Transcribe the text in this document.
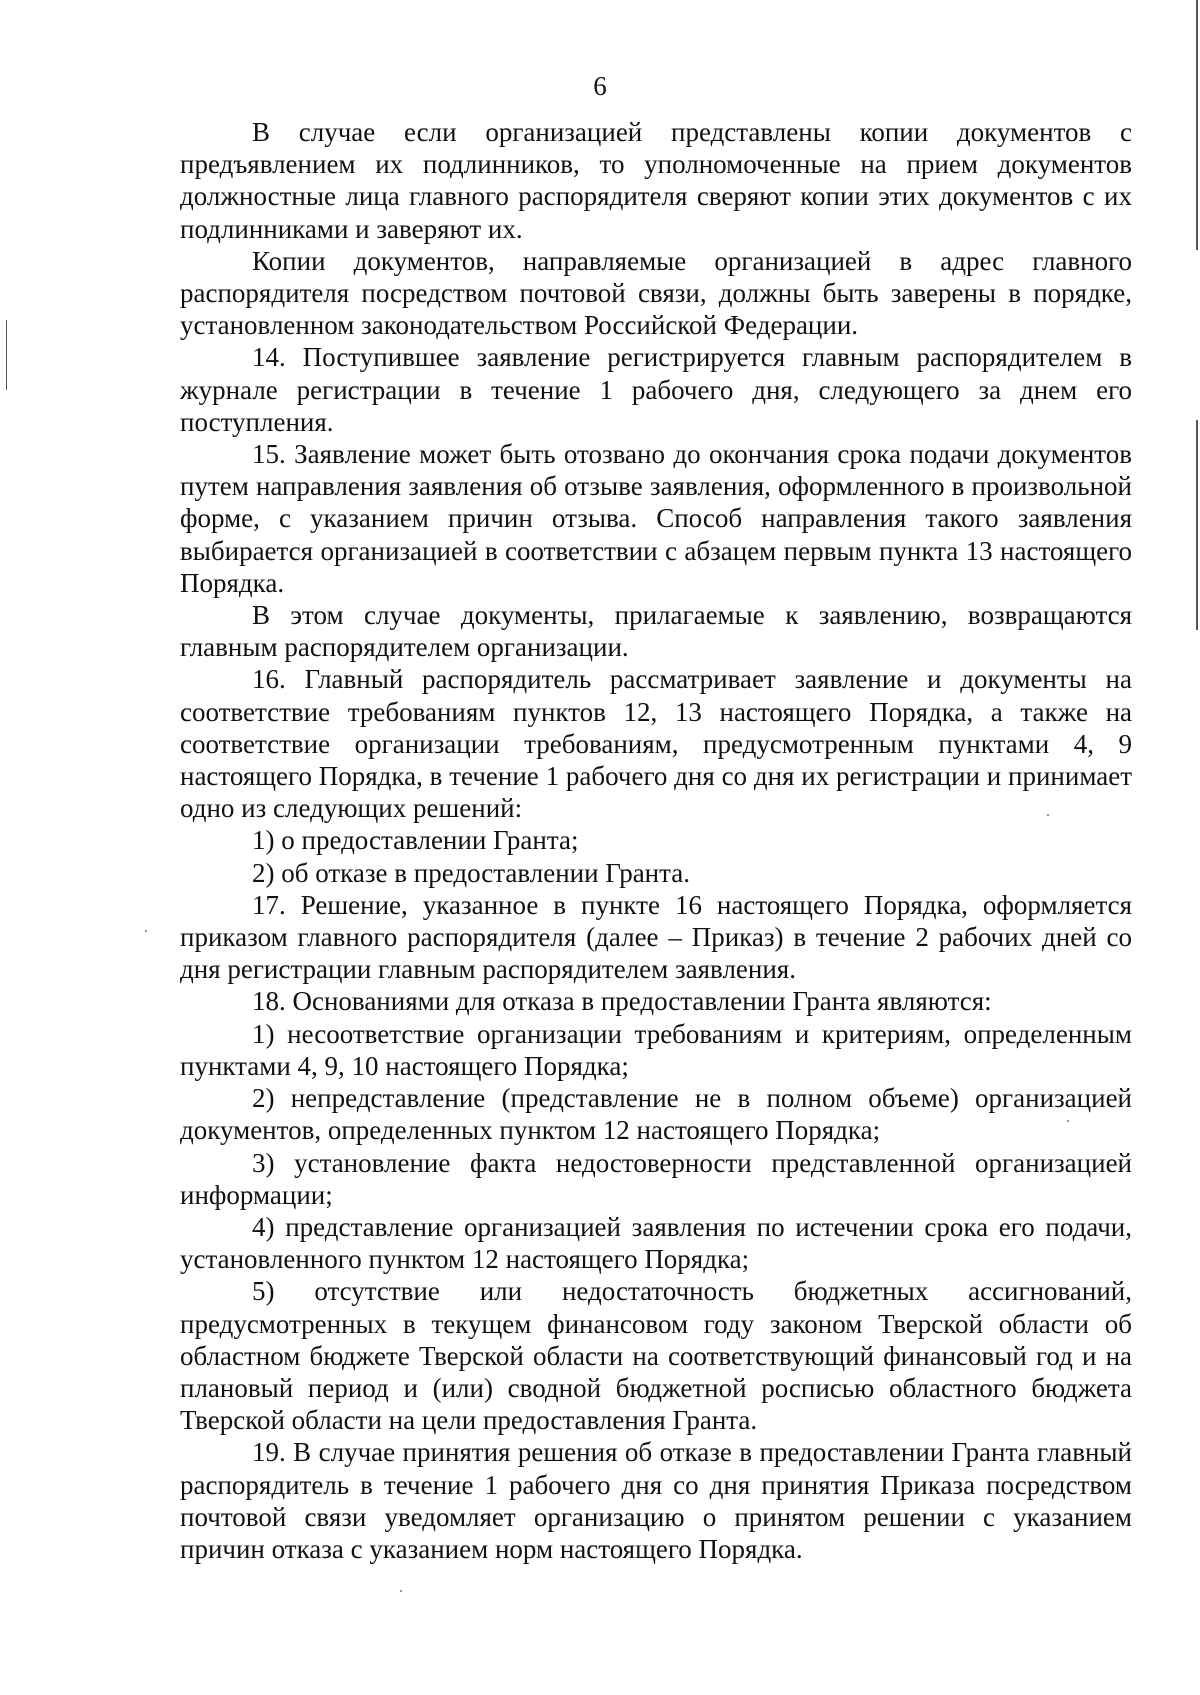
6

В случае если организацией представлены копии документов с предъявлением их подлинников, то уполномоченные на прием документов должностные лица главного распорядителя сверяют копии этих документов с их подлинниками и заверяют их.

Копии документов, направляемые организацией в адрес главного распорядителя посредством почтовой связи, должны быть заверены в порядке, установленном законодательством Российской Федерации.

14. Поступившее заявление регистрируется главным распорядителем в журнале регистрации в течение 1 рабочего дня, следующего за днем его поступления.

15. Заявление может быть отозвано до окончания срока подачи документов путем направления заявления об отзыве заявления, оформленного в произвольной форме, с указанием причин отзыва. Способ направления такого заявления выбирается организацией в соответствии с абзацем первым пункта 13 настоящего Порядка.

В этом случае документы, прилагаемые к заявлению, возвращаются главным распорядителем организации.

16. Главный распорядитель рассматривает заявление и документы на соответствие требованиям пунктов 12, 13 настоящего Порядка, а также на соответствие организации требованиям, предусмотренным пунктами 4, 9 настоящего Порядка, в течение 1 рабочего дня со дня их регистрации и принимает одно из следующих решений:

1) о предоставлении Гранта;

2) об отказе в предоставлении Гранта.

17. Решение, указанное в пункте 16 настоящего Порядка, оформляется приказом главного распорядителя (далее – Приказ) в течение 2 рабочих дней со дня регистрации главным распорядителем заявления.

18. Основаниями для отказа в предоставлении Гранта являются:

1) несоответствие организации требованиям и критериям, определенным пунктами 4, 9, 10 настоящего Порядка;

2) непредставление (представление не в полном объеме) организацией документов, определенных пунктом 12 настоящего Порядка;

3) установление факта недостоверности представленной организацией информации;

4) представление организацией заявления по истечении срока его подачи, установленного пунктом 12 настоящего Порядка;

5) отсутствие или недостаточность бюджетных ассигнований, предусмотренных в текущем финансовом году законом Тверской области об областном бюджете Тверской области на соответствующий финансовый год и на плановый период и (или) сводной бюджетной росписью областного бюджета Тверской области на цели предоставления Гранта.

19. В случае принятия решения об отказе в предоставлении Гранта главный распорядитель в течение 1 рабочего дня со дня принятия Приказа посредством почтовой связи уведомляет организацию о принятом решении с указанием причин отказа с указанием норм настоящего Порядка.
